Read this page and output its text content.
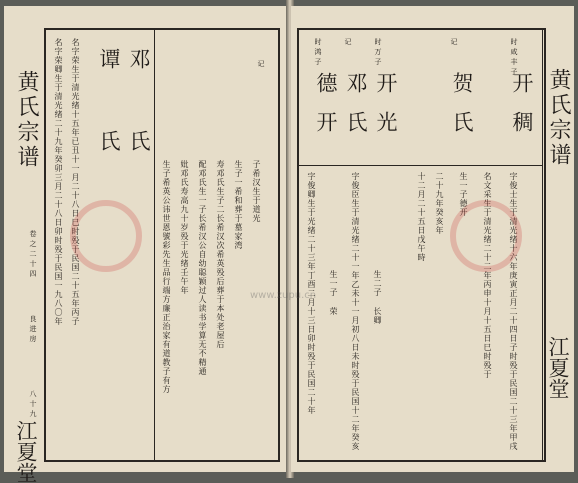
黄氏宗谱
卷之二十四
良进房
八十九
江夏堂
名字荣卿生于清光绪二十九年癸卯三月二十八日卯时殁于民国一九八〇年 名字荣生于清光绪十五年已丑十一月二十八日巳时殁于民国二十五年丙子 谭
氏
邓
氏
生子希英公讳世恩號彩先生品行端方廉正治家有道教子有方 妣邓氏寿高九十岁殁于光绪壬午年 配邓氏生一子长希汉公自幼聪颖过人读书学算无不精通 寿邓氏生子二长希汉次希英殁后葬于本处老屋后 生子一希和葬于墓家湾 子希汉生于道光
记	时鸿子
德开
记
邓氏
时万子
开光
记
贺氏
时咸丰子
开稠
字俊卿生于光绪二十三年丁酉二月十三日卯时殁于民国二十年 生一子 荣 字俊臣生于清光绪二十一年乙未十一月初八日未时殁于民国十二年癸亥 生二子 长卿
十二月二十五日戊午時 二十九年癸亥年 生一子德开 名文采生于清光绪二十二年丙申十月十五日巳时殁于 字俊士生于清光绪十六年庚寅正月二十四日子时殁于民国二十三年甲戌
黄氏宗谱
江夏堂
www.zupu.cn
